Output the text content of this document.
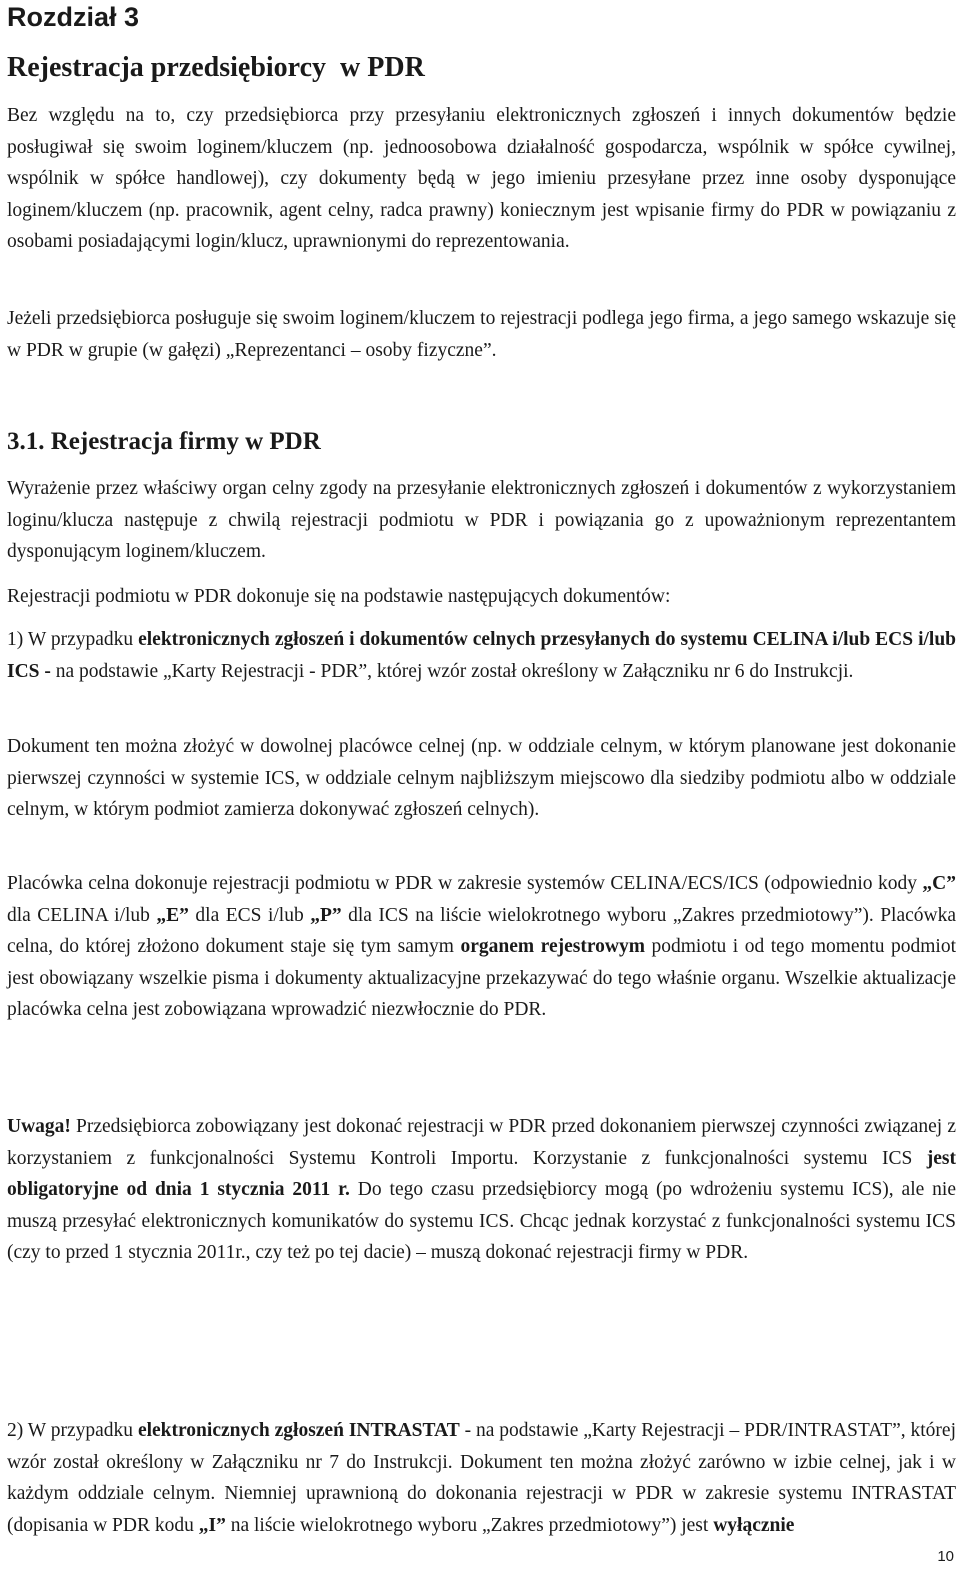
Rozdział 3
Rejestracja przedsiębiorcy  w PDR

Bez względu na to, czy przedsiębiorca przy przesyłaniu elektronicznych zgłoszeń i innych dokumentów będzie posługiwał się swoim loginem/kluczem (np. jednoosobowa działalność gospodarcza, wspólnik w spółce cywilnej, wspólnik w spółce handlowej), czy dokumenty będą w jego imieniu przesyłane przez inne osoby dysponujące loginem/kluczem (np. pracownik, agent celny, radca prawny) koniecznym jest wpisanie firmy do PDR w powiązaniu z osobami posiadającymi login/klucz, uprawnionymi do reprezentowania.

Jeżeli przedsiębiorca posługuje się swoim loginem/kluczem to rejestracji podlega jego firma, a jego samego wskazuje się w PDR w grupie (w gałęzi) „Reprezentanci – osoby fizyczne”.

3.1. Rejestracja firmy w PDR

Wyrażenie przez właściwy organ celny zgody na przesyłanie elektronicznych zgłoszeń i dokumentów z wykorzystaniem loginu/klucza następuje z chwilą rejestracji podmiotu w PDR i powiązania go z upoważnionym reprezentantem dysponującym loginem/kluczem.

Rejestracji podmiotu w PDR dokonuje się na podstawie następujących dokumentów:

1) W przypadku elektronicznych zgłoszeń i dokumentów celnych przesyłanych do systemu CELINA i/lub ECS i/lub ICS - na podstawie „Karty Rejestracji - PDR”, której wzór został określony w Załączniku nr 6 do Instrukcji.

Dokument ten można złożyć w dowolnej placówce celnej (np. w oddziale celnym, w którym planowane jest dokonanie pierwszej czynności w systemie ICS, w oddziale celnym najbliższym miejscowo dla siedziby podmiotu albo w oddziale celnym, w którym podmiot zamierza dokonywać zgłoszeń celnych).

Placówka celna dokonuje rejestracji podmiotu w PDR w zakresie systemów CELINA/ECS/ICS (odpowiednio kody „C” dla CELINA i/lub „E” dla ECS i/lub „P” dla ICS na liście wielokrotnego wyboru „Zakres przedmiotowy”). Placówka celna, do której złożono dokument staje się tym samym organem rejestrowym podmiotu i od tego momentu podmiot jest obowiązany wszelkie pisma i dokumenty aktualizacyjne przekazywać do tego właśnie organu. Wszelkie aktualizacje placówka celna jest zobowiązana wprowadzić niezwłocznie do PDR.

Uwaga! Przedsiębiorca zobowiązany jest dokonać rejestracji w PDR przed dokonaniem pierwszej czynności związanej z korzystaniem z funkcjonalności Systemu Kontroli Importu. Korzystanie z funkcjonalności systemu ICS jest obligatoryjne od dnia 1 stycznia 2011 r. Do tego czasu przedsiębiorcy mogą (po wdrożeniu systemu ICS), ale nie muszą przesyłać elektronicznych komunikatów do systemu ICS. Chcąc jednak korzystać z funkcjonalności systemu ICS (czy to przed 1 stycznia 2011r., czy też po tej dacie) – muszą dokonać rejestracji firmy w PDR.

2) W przypadku elektronicznych zgłoszeń INTRASTAT - na podstawie „Karty Rejestracji – PDR/INTRASTAT”, której wzór został określony w Załączniku nr 7 do Instrukcji. Dokument ten można złożyć zarówno w izbie celnej, jak i w każdym oddziale celnym. Niemniej uprawnioną do dokonania rejestracji w PDR w zakresie systemu INTRASTAT (dopisania w PDR kodu „I” na liście wielokrotnego wyboru „Zakres przedmiotowy”) jest wyłącznie

10
